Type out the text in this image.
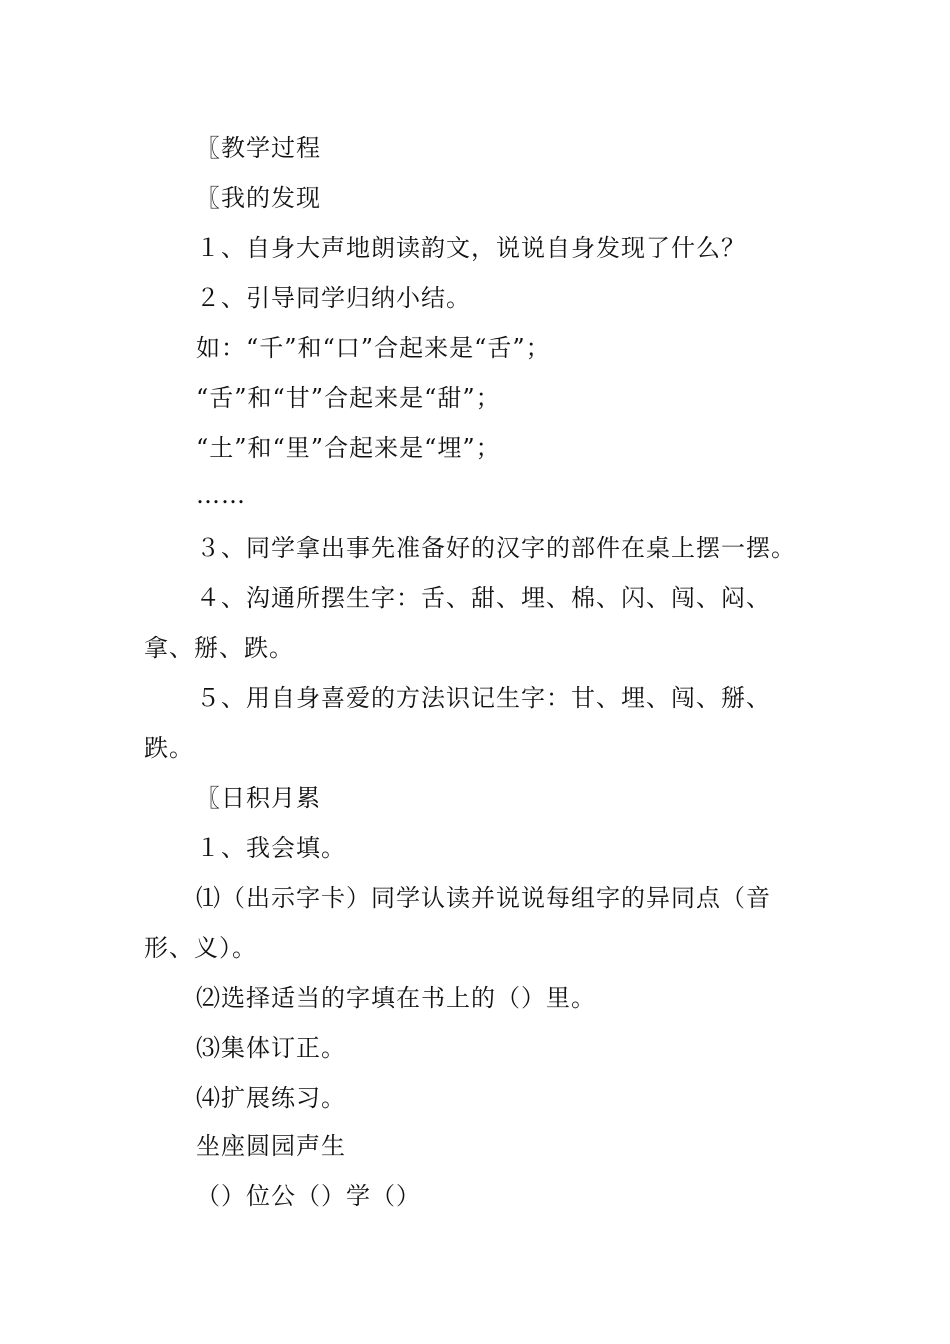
〖教学过程
〖我的发现
１、自身大声地朗读韵文，说说自身发现了什么？
２、引导同学归纳小结。
如：“千”和“口”合起来是“舌”；
“舌”和“甘”合起来是“甜”；
“土”和“里”合起来是“埋”；
……
３、同学拿出事先准备好的汉字的部件在桌上摆一摆。
４、沟通所摆生字：舌、甜、埋、棉、闪、闯、闷、
拿、掰、跌。
５、用自身喜爱的方法识记生字：甘、埋、闯、掰、
跌。
〖日积月累
１、我会填。
⑴（出示字卡）同学认读并说说每组字的异同点（音
形、义）。
⑵选择适当的字填在书上的（）里。
⑶集体订正。
⑷扩展练习。
坐座圆园声生
（）位公（）学（）
